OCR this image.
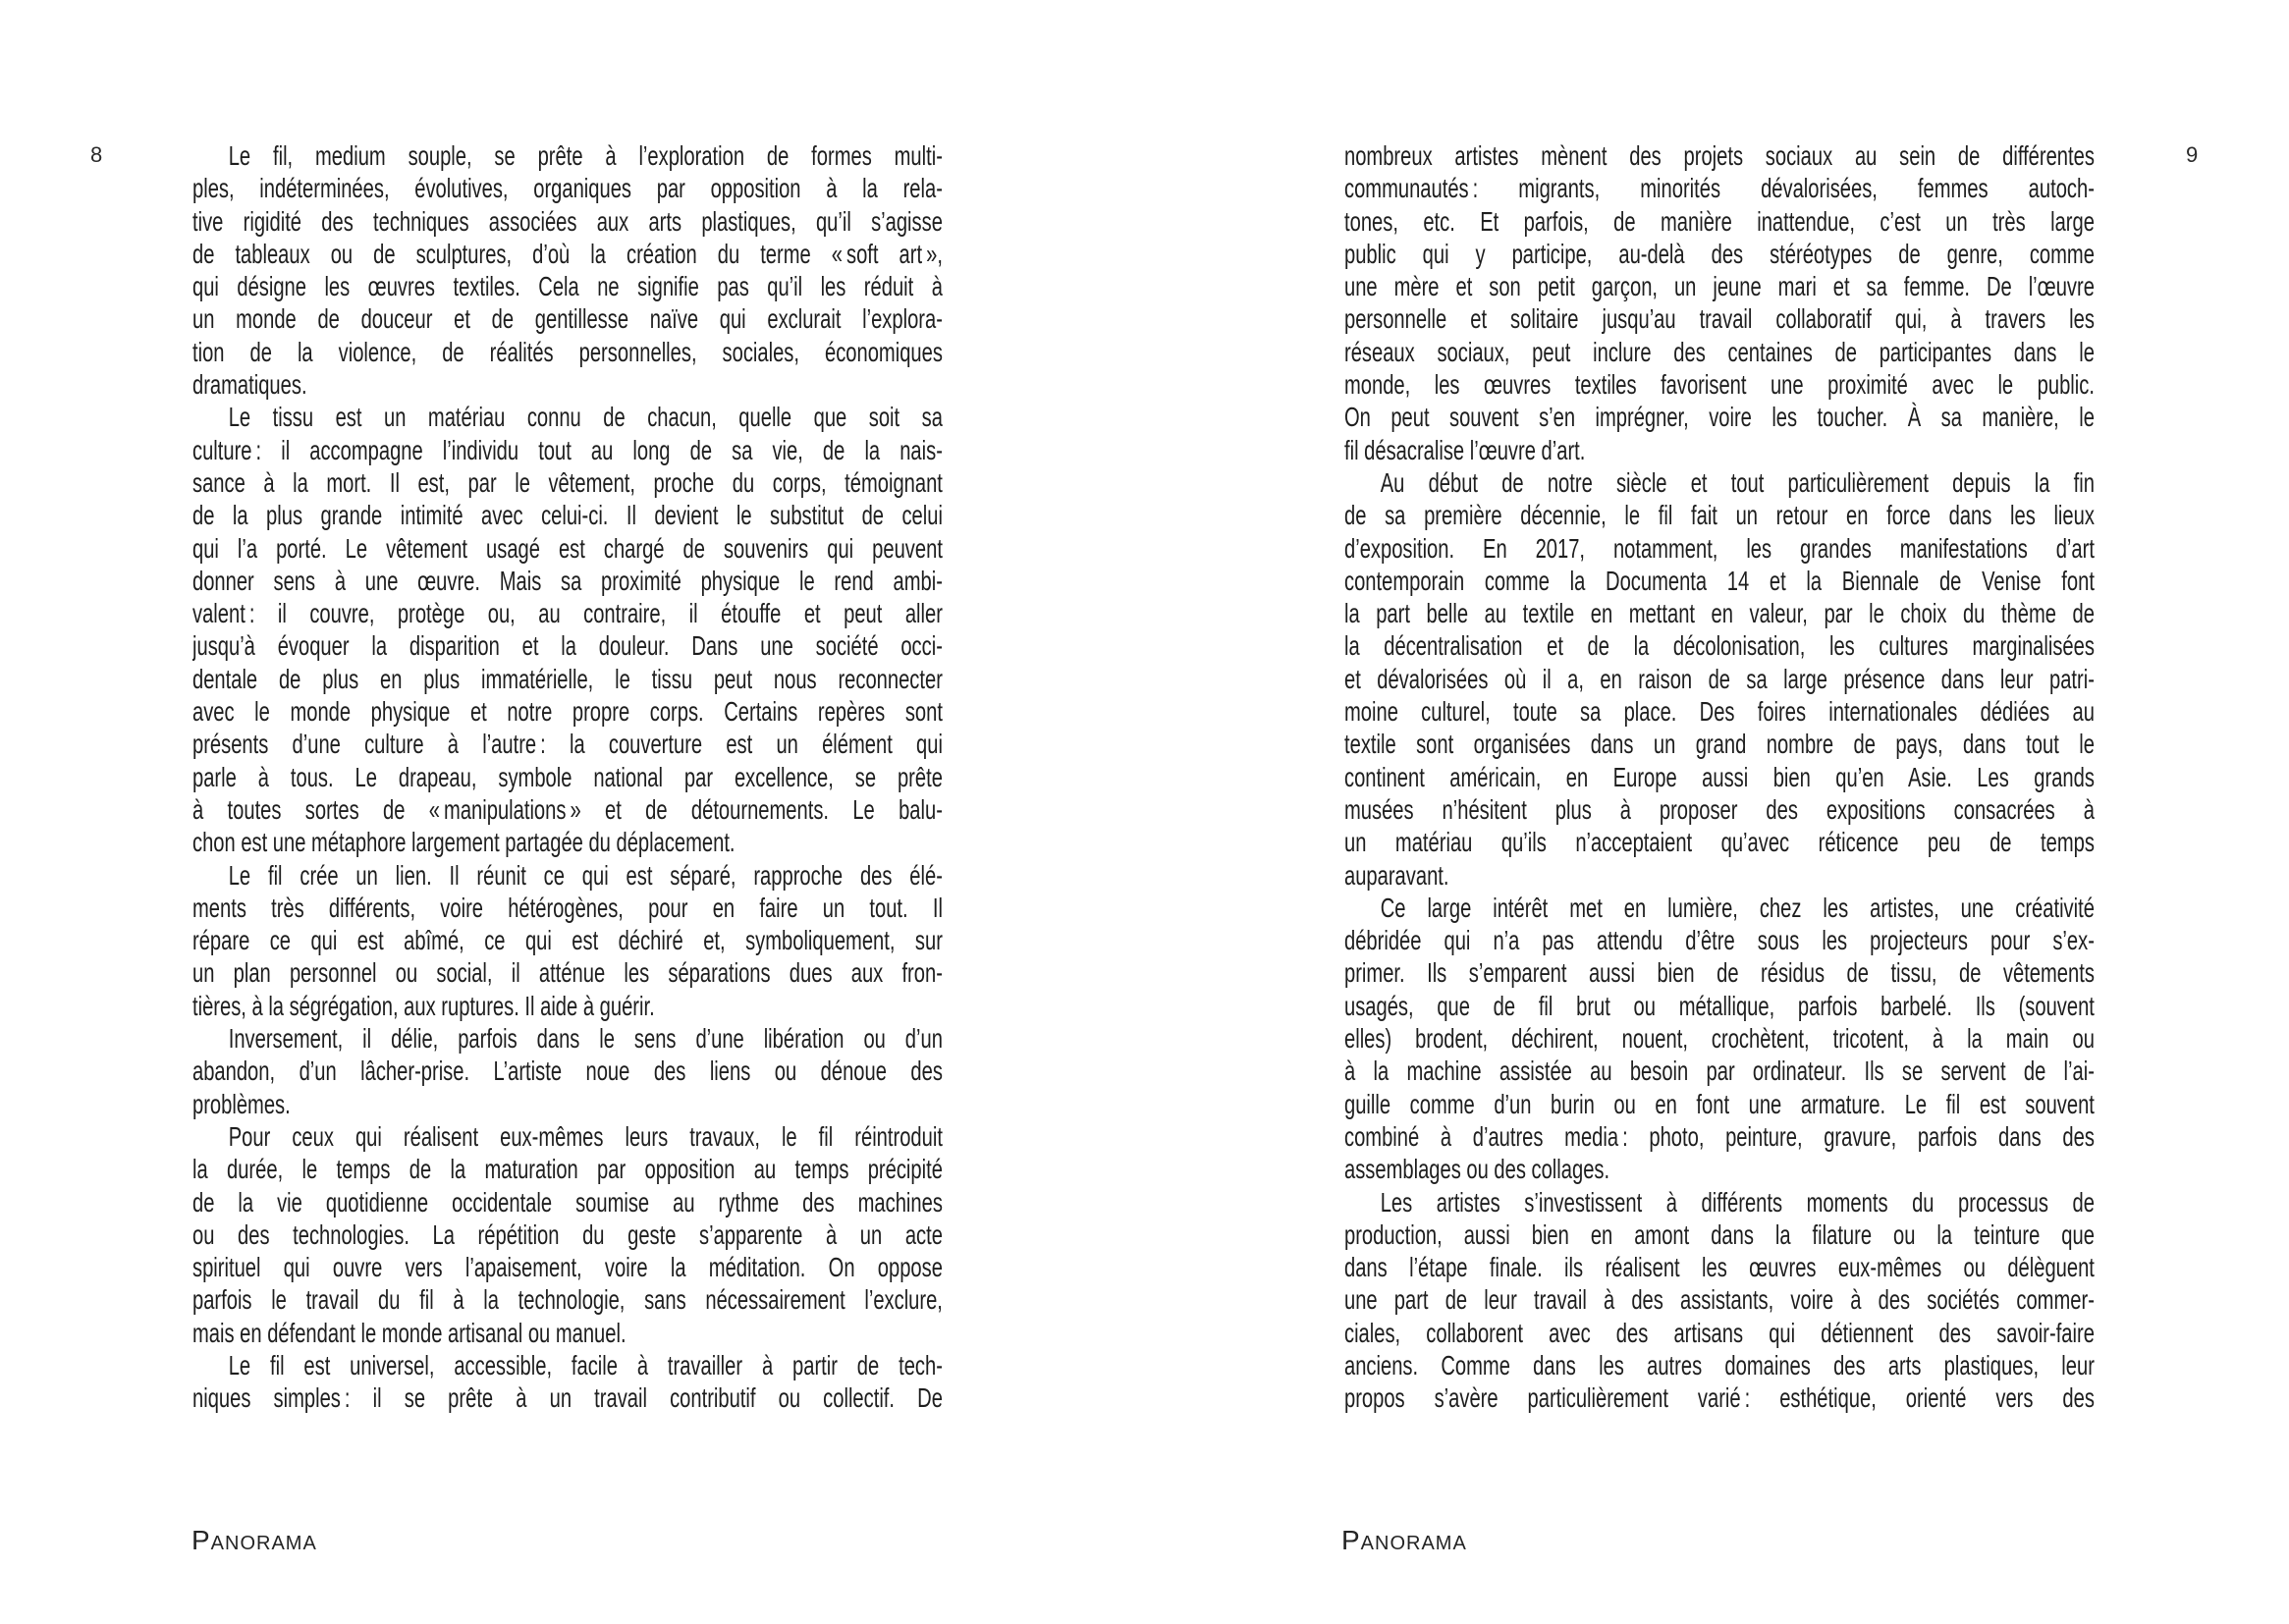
8	Le fil, medium souple, se prête à l’exploration de formes multi-
ples, indéterminées, évolutives, organiques par opposition à la rela-
tive rigidité des techniques associées aux arts plastiques, qu’il s’agisse
de tableaux ou de sculptures, d’où la création du terme « soft art »,
qui désigne les œuvres textiles. Cela ne signifie pas qu’il les réduit à
un monde de douceur et de gentillesse naïve qui exclurait l’explora-
tion de la violence, de réalités personnelles, sociales, économiques
dramatiques.
Le tissu est un matériau connu de chacun, quelle que soit sa
culture : il accompagne l’individu tout au long de sa vie, de la nais-
sance à la mort. Il est, par le vêtement, proche du corps, témoignant
de la plus grande intimité avec celui-ci. Il devient le substitut de celui
qui l’a porté. Le vêtement usagé est chargé de souvenirs qui peuvent
donner sens à une œuvre. Mais sa proximité physique le rend ambi-
valent : il couvre, protège ou, au contraire, il étouffe et peut aller
jusqu’à évoquer la disparition et la douleur. Dans une société occi-
dentale de plus en plus immatérielle, le tissu peut nous reconnecter
avec le monde physique et notre propre corps. Certains repères sont
présents d’une culture à l’autre : la couverture est un élément qui
parle à tous. Le drapeau, symbole national par excellence, se prête
à toutes sortes de « manipulations » et de détournements. Le balu-
chon est une métaphore largement partagée du déplacement.
Le fil crée un lien. Il réunit ce qui est séparé, rapproche des élé-
ments très différents, voire hétérogènes, pour en faire un tout. Il
répare ce qui est abîmé, ce qui est déchiré et, symboliquement, sur
un plan personnel ou social, il atténue les séparations dues aux fron-
tières, à la ségrégation, aux ruptures. Il aide à guérir.
Inversement, il délie, parfois dans le sens d’une libération ou d’un
abandon, d’un lâcher-prise. L’artiste noue des liens ou dénoue des
problèmes.
Pour ceux qui réalisent eux-mêmes leurs travaux, le fil réintroduit
la durée, le temps de la maturation par opposition au temps précipité
de la vie quotidienne occidentale soumise au rythme des machines
ou des technologies. La répétition du geste s’apparente à un acte
spirituel qui ouvre vers l’apaisement, voire la méditation. On oppose
parfois le travail du fil à la technologie, sans nécessairement l’exclure,
mais en défendant le monde artisanal ou manuel.
Le fil est universel, accessible, facile à travailler à partir de tech-
niques simples : il se prête à un travail contributif ou collectif. De
Panorama
9
nombreux artistes mènent des projets sociaux au sein de différentes
communautés : migrants, minorités dévalorisées, femmes autoch-
tones, etc. Et parfois, de manière inattendue, c’est un très large
public qui y participe, au-delà des stéréotypes de genre, comme
une mère et son petit garçon, un jeune mari et sa femme. De l’œuvre
personnelle et solitaire jusqu’au travail collaboratif qui, à travers les
réseaux sociaux, peut inclure des centaines de participantes dans le
monde, les œuvres textiles favorisent une proximité avec le public.
On peut souvent s’en imprégner, voire les toucher. À sa manière, le
fil désacralise l’œuvre d’art.
Au début de notre siècle et tout particulièrement depuis la fin
de sa première décennie, le fil fait un retour en force dans les lieux
d’exposition. En 2017, notamment, les grandes manifestations d’art
contemporain comme la Documenta 14 et la Biennale de Venise font
la part belle au textile en mettant en valeur, par le choix du thème de
la décentralisation et de la décolonisation, les cultures marginalisées
et dévalorisées où il a, en raison de sa large présence dans leur patri-
moine culturel, toute sa place. Des foires internationales dédiées au
textile sont organisées dans un grand nombre de pays, dans tout le
continent américain, en Europe aussi bien qu’en Asie. Les grands
musées n’hésitent plus à proposer des expositions consacrées à
un matériau qu’ils n’acceptaient qu’avec réticence peu de temps
auparavant.
Ce large intérêt met en lumière, chez les artistes, une créativité
débridée qui n’a pas attendu d’être sous les projecteurs pour s’ex-
primer. Ils s’emparent aussi bien de résidus de tissu, de vêtements
usagés, que de fil brut ou métallique, parfois barbelé. Ils (souvent
elles) brodent, déchirent, nouent, crochètent, tricotent, à la main ou
à la machine assistée au besoin par ordinateur. Ils se servent de l’ai-
guille comme d’un burin ou en font une armature. Le fil est souvent
combiné à d’autres media : photo, peinture, gravure, parfois dans des
assemblages ou des collages.
Les artistes s’investissent à différents moments du processus de
production, aussi bien en amont dans la filature ou la teinture que
dans l’étape finale. ils réalisent les œuvres eux-mêmes ou délèguent
une part de leur travail à des assistants, voire à des sociétés commer-
ciales, collaborent avec des artisans qui détiennent des savoir-faire
anciens. Comme dans les autres domaines des arts plastiques, leur
propos s’avère particulièrement varié : esthétique, orienté vers des
Panorama
